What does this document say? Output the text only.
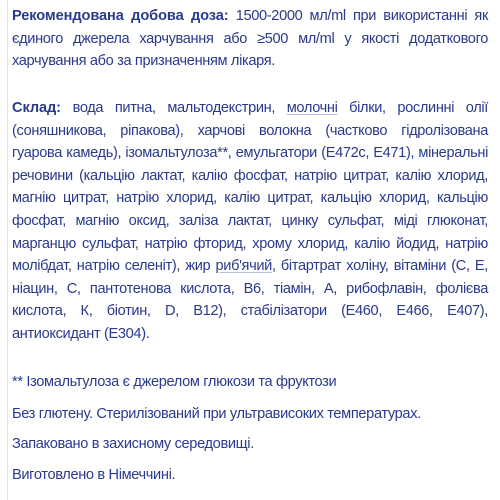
Рекомендована добова доза: 1500-2000 мл/ml при використанні як єдиного джерела харчування або ≥500 мл/ml у якості додаткового харчування або за призначенням лікаря.

Склад: вода питна, мальтодекстрин, молочні білки, рослинні олії (соняшникова, ріпакова), харчові волокна (частково гідролізована гуарова камедь), ізомальтулоза**, емульгатори (Е472с, Е471), мінеральні речовини (кальцію лактат, калію фосфат, натрію цитрат, калію хлорид, магнію цитрат, натрію хлорид, калію цитрат, кальцію хлорид, кальцію фосфат, магнію оксид, заліза лактат, цинку сульфат, міді глюконат, марганцю сульфат, натрію фторид, хрому хлорид, калію йодид, натрію молібдат, натрію селеніт), жир риб'ячий, бітартрат холіну, вітаміни (С, Е, ніацин, С, пантотенова кислота, В6, тіамін, А, рибофлавін, фолієва кислота, К, біотин, D, В12), стабілізатори (Е460, Е466, Е407), антиоксидант (Е304).

** Ізомальтулоза є джерелом глюкози та фруктози

Без глютену. Стерилізований при ультрависоких температурах.

Запаковано в захисному середовищі.

Виготовлено в Німеччині.
